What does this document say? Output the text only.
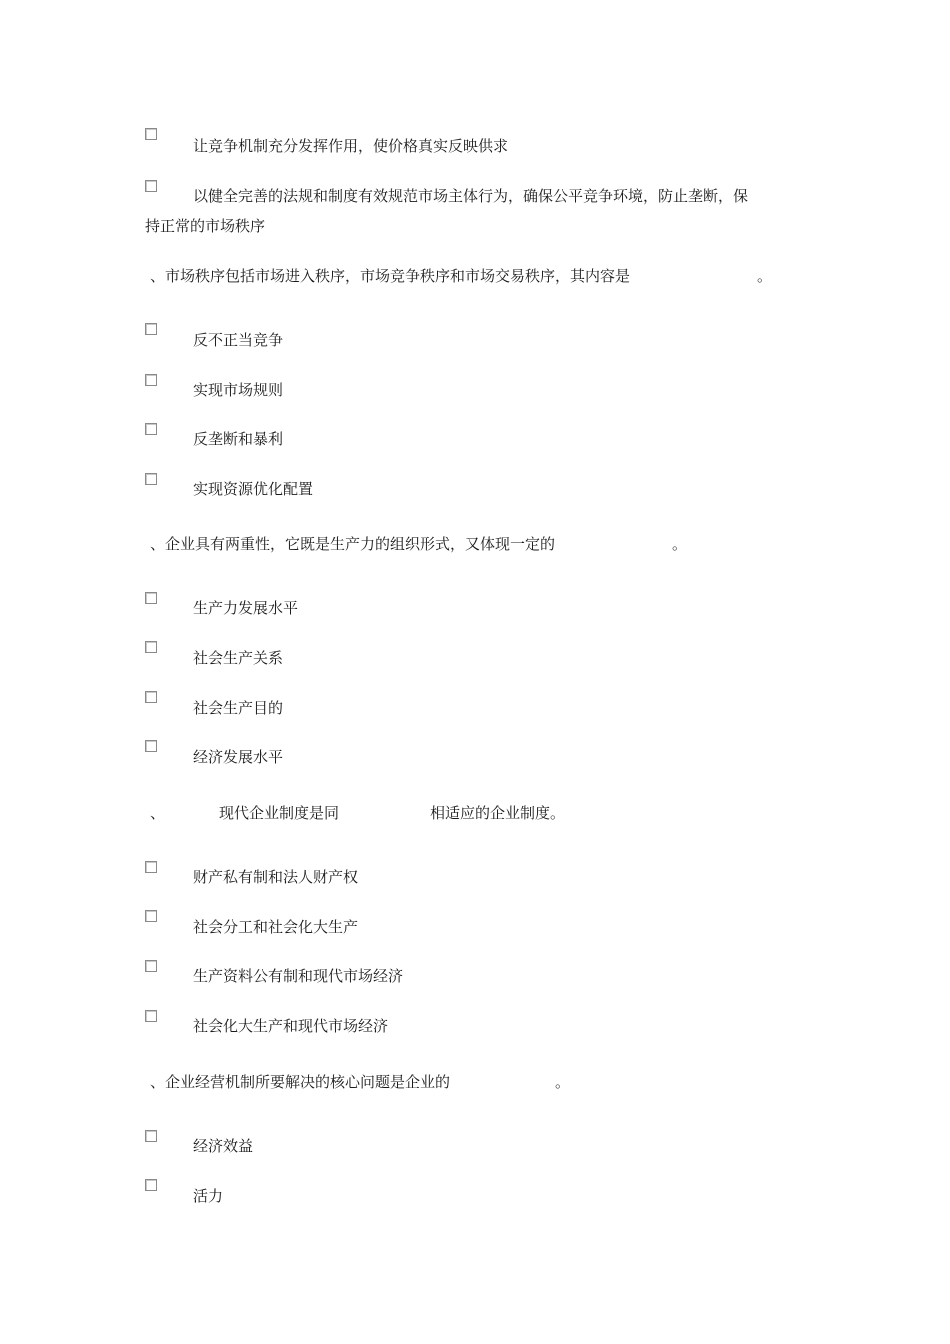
让竞争机制充分发挥作用，使价格真实反映供求
以健全完善的法规和制度有效规范市场主体行为，确保公平竞争环境，防止垄断，保
持正常的市场秩序
、市场秩序包括市场进入秩序，市场竞争秩序和市场交易秩序，其内容是	。
反不正当竞争
实现市场规则
反垄断和暴利
实现资源优化配置
、企业具有两重性，它既是生产力的组织形式，又体现一定的	。
生产力发展水平
社会生产关系
社会生产目的
经济发展水平
、	现代企业制度是同	相适应的企业制度。
财产私有制和法人财产权
社会分工和社会化大生产
生产资料公有制和现代市场经济
社会化大生产和现代市场经济
、企业经营机制所要解决的核心问题是企业的	。
经济效益
活力
